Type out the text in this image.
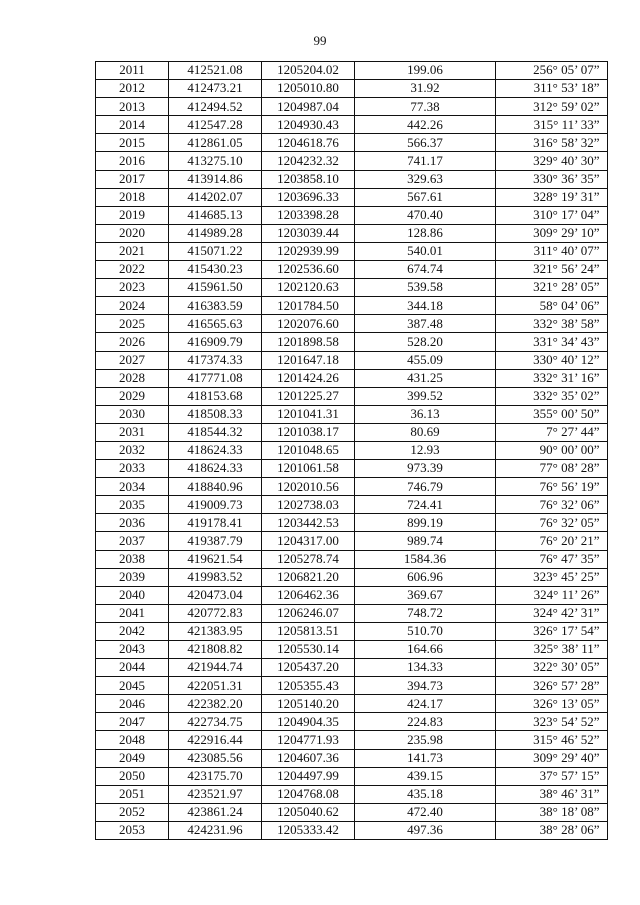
99
2011	412521.08	1205204.02	199.06	256° 05’ 07”
2012	412473.21	1205010.80	31.92	311° 53’ 18”
2013	412494.52	1204987.04	77.38	312° 59’ 02”
2014	412547.28	1204930.43	442.26	315° 11’ 33”
2015	412861.05	1204618.76	566.37	316° 58’ 32”
2016	413275.10	1204232.32	741.17	329° 40’ 30”
2017	413914.86	1203858.10	329.63	330° 36’ 35”
2018	414202.07	1203696.33	567.61	328° 19’ 31”
2019	414685.13	1203398.28	470.40	310° 17’ 04”
2020	414989.28	1203039.44	128.86	309° 29’ 10”
2021	415071.22	1202939.99	540.01	311° 40’ 07”
2022	415430.23	1202536.60	674.74	321° 56’ 24”
2023	415961.50	1202120.63	539.58	321° 28’ 05”
2024	416383.59	1201784.50	344.18	58° 04’ 06”
2025	416565.63	1202076.60	387.48	332° 38’ 58”
2026	416909.79	1201898.58	528.20	331° 34’ 43”
2027	417374.33	1201647.18	455.09	330° 40’ 12”
2028	417771.08	1201424.26	431.25	332° 31’ 16”
2029	418153.68	1201225.27	399.52	332° 35’ 02”
2030	418508.33	1201041.31	36.13	355° 00’ 50”
2031	418544.32	1201038.17	80.69	7° 27’ 44”
2032	418624.33	1201048.65	12.93	90° 00’ 00”
2033	418624.33	1201061.58	973.39	77° 08’ 28”
2034	418840.96	1202010.56	746.79	76° 56’ 19”
2035	419009.73	1202738.03	724.41	76° 32’ 06”
2036	419178.41	1203442.53	899.19	76° 32’ 05”
2037	419387.79	1204317.00	989.74	76° 20’ 21”
2038	419621.54	1205278.74	1584.36	76° 47’ 35”
2039	419983.52	1206821.20	606.96	323° 45’ 25”
2040	420473.04	1206462.36	369.67	324° 11’ 26”
2041	420772.83	1206246.07	748.72	324° 42’ 31”
2042	421383.95	1205813.51	510.70	326° 17’ 54”
2043	421808.82	1205530.14	164.66	325° 38’ 11”
2044	421944.74	1205437.20	134.33	322° 30’ 05”
2045	422051.31	1205355.43	394.73	326° 57’ 28”
2046	422382.20	1205140.20	424.17	326° 13’ 05”
2047	422734.75	1204904.35	224.83	323° 54’ 52”
2048	422916.44	1204771.93	235.98	315° 46’ 52”
2049	423085.56	1204607.36	141.73	309° 29’ 40”
2050	423175.70	1204497.99	439.15	37° 57’ 15”
2051	423521.97	1204768.08	435.18	38° 46’ 31”
2052	423861.24	1205040.62	472.40	38° 18’ 08”
2053	424231.96	1205333.42	497.36	38° 28’ 06”
